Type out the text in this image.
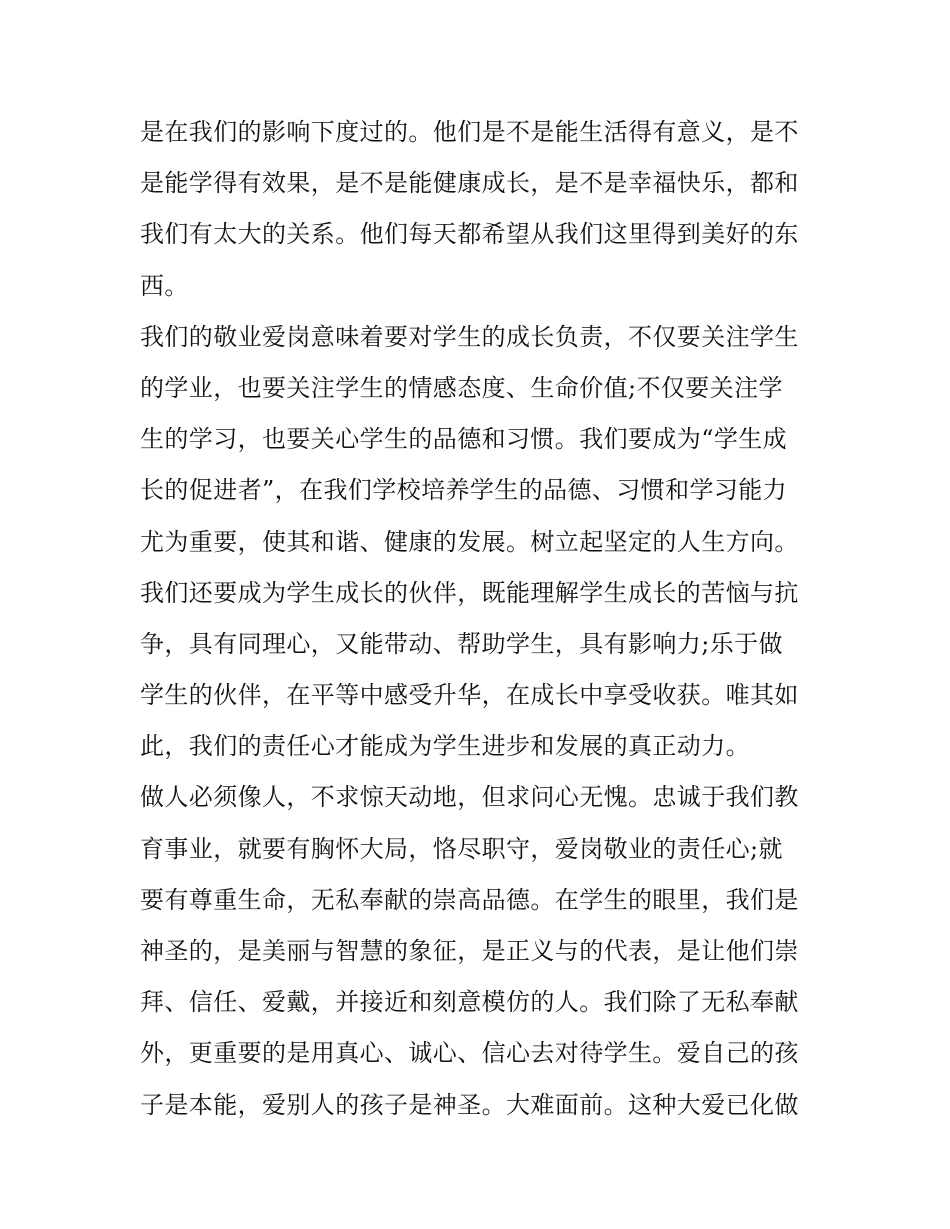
是在我们的影响下度过的。他们是不是能生活得有意义，是不
是能学得有效果，是不是能健康成长，是不是幸福快乐，都和
我们有太大的关系。他们每天都希望从我们这里得到美好的东
西。
我们的敬业爱岗意味着要对学生的成长负责，不仅要关注学生
的学业，也要关注学生的情感态度、生命价值;不仅要关注学
生的学习，也要关心学生的品德和习惯。我们要成为“学生成
长的促进者”，在我们学校培养学生的品德、习惯和学习能力
尤为重要，使其和谐、健康的发展。树立起坚定的人生方向。
我们还要成为学生成长的伙伴，既能理解学生成长的苦恼与抗
争，具有同理心，又能带动、帮助学生，具有影响力;乐于做
学生的伙伴，在平等中感受升华，在成长中享受收获。唯其如
此，我们的责任心才能成为学生进步和发展的真正动力。
做人必须像人，不求惊天动地，但求问心无愧。忠诚于我们教
育事业，就要有胸怀大局，恪尽职守，爱岗敬业的责任心;就
要有尊重生命，无私奉献的崇高品德。在学生的眼里，我们是
神圣的，是美丽与智慧的象征，是正义与的代表，是让他们崇
拜、信任、爱戴，并接近和刻意模仿的人。我们除了无私奉献
外，更重要的是用真心、诚心、信心去对待学生。爱自己的孩
子是本能，爱别人的孩子是神圣。大难面前。这种大爱已化做
